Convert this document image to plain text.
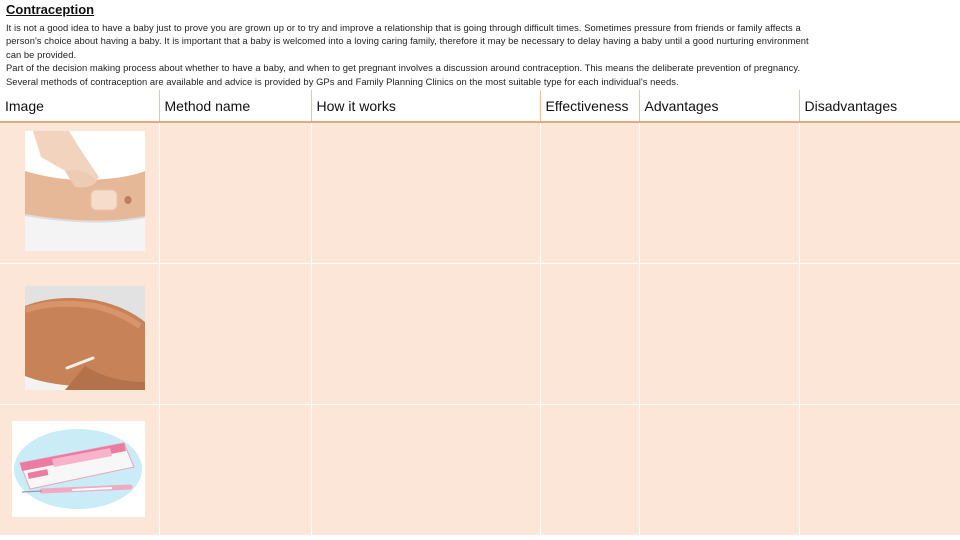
Contraception

It is not a good idea to have a baby just to prove you are grown up or to try and improve a relationship that is going through difficult times. Sometimes pressure from friends or family affects a

person's choice about having a baby. It is important that a baby is welcomed into a loving caring family, therefore it may be necessary to delay having a baby until a good nurturing environment

can be provided.

Part of the decision making process about whether to have a baby, and when to get pregnant involves a discussion around contraception. This means the deliberate prevention of pregnancy.

Several methods of contraception are available and advice is provided by GPs and Family Planning Clinics on the most suitable type for each individual's needs.

Image	Method name	How it works	Effectiveness	Advantages	Disadvantages
